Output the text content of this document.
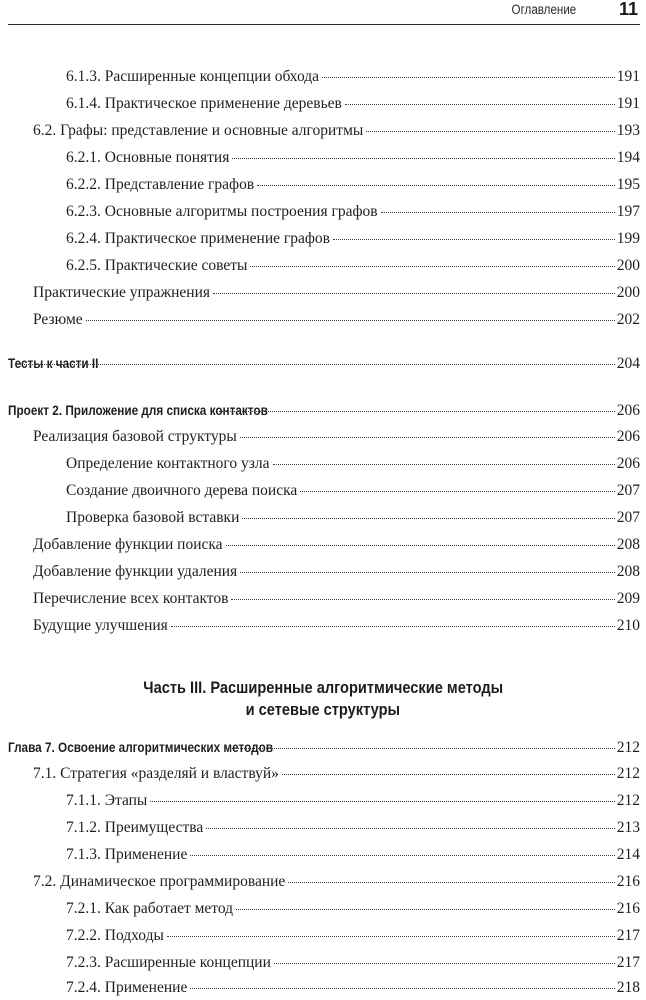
Оглавление 11
6.1.3. Расширенные концепции обхода	191
6.1.4. Практическое применение деревьев	191
6.2. Графы: представление и основные алгоритмы	193
6.2.1. Основные понятия	194
6.2.2. Представление графов	195
6.2.3. Основные алгоритмы построения графов	197
6.2.4. Практическое применение графов	199
6.2.5. Практические советы	200
Практические упражнения	200
Резюме	202
Тесты к части II	204
Проект 2. Приложение для списка контактов	206
Реализация базовой структуры	206
Определение контактного узла	206
Создание двоичного дерева поиска	207
Проверка базовой вставки	207
Добавление функции поиска	208
Добавление функции удаления	208
Перечисление всех контактов	209
Будущие улучшения	210
Часть III. Расширенные алгоритмические методы
и сетевые структуры
Глава 7. Освоение алгоритмических методов	212
7.1. Стратегия «разделяй и властвуй»	212
7.1.1. Этапы	212
7.1.2. Преимущества	213
7.1.3. Применение	214
7.2. Динамическое программирование	216
7.2.1. Как работает метод	216
7.2.2. Подходы	217
7.2.3. Расширенные концепции	217
7.2.4. Применение	218
